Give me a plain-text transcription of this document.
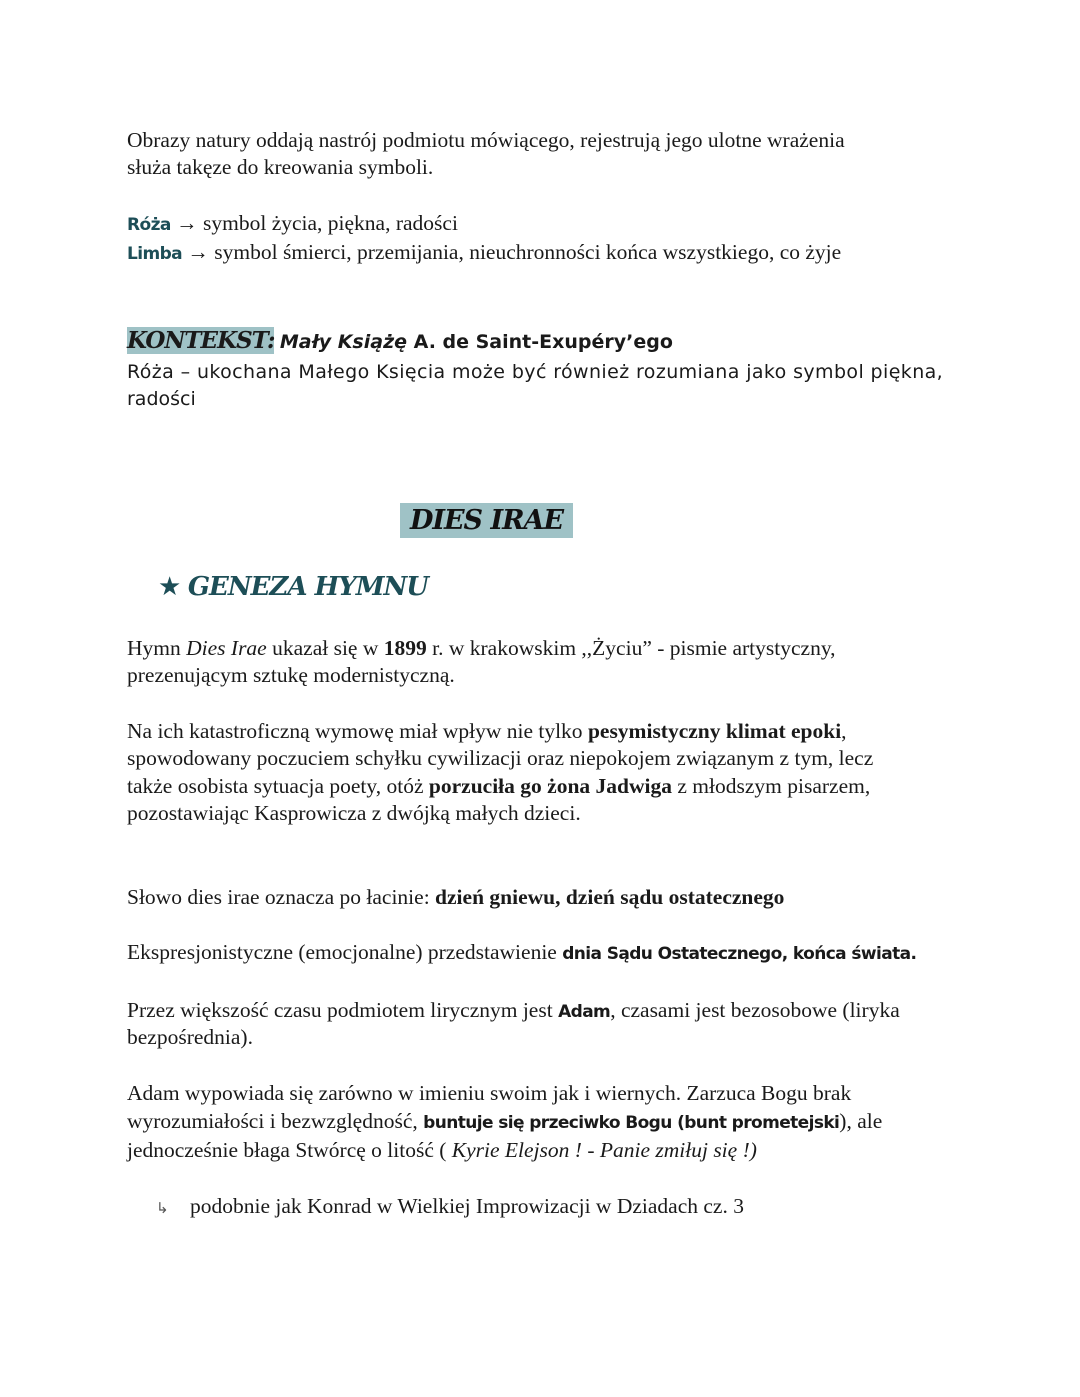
Obrazy natury oddają nastrój podmiotu mówiącego, rejestrują jego ulotne wrażenia
służa takęze do kreowania symboli.
Róża → symbol życia, piękna, radości
Limba → symbol śmierci, przemijania, nieuchronności końca wszystkiego, co żyje
KONTEKST: Mały Książę A. de Saint-Exupéry’ego
Róża – ukochana Małego Księcia może być również rozumiana jako symbol piękna,
radości
DIES IRAE
★ GENEZA HYMNU
Hymn Dies Irae ukazał się w 1899 r. w krakowskim ,,Życiu” - pismie artystyczny,
prezenującym sztukę modernistyczną.
Na ich katastroficzną wymowę miał wpływ nie tylko pesymistyczny klimat epoki,
spowodowany poczuciem schyłku cywilizacji oraz niepokojem związanym z tym, lecz
także osobista sytuacja poety, otóż porzuciła go żona Jadwiga z młodszym pisarzem,
pozostawiając Kasprowicza z dwójką małych dzieci.
Słowo dies irae oznacza po łacinie: dzień gniewu, dzień sądu ostatecznego
Ekspresjonistyczne (emocjonalne) przedstawienie dnia Sądu Ostatecznego, końca świata.
Przez większość czasu podmiotem lirycznym jest Adam, czasami jest bezosobowe (liryka
bezpośrednia).
Adam wypowiada się zarówno w imieniu swoim jak i wiernych. Zarzuca Bogu brak
wyrozumiałości i bezwzględność, buntuje się przeciwko Bogu (bunt prometejski), ale
jednocześnie błaga Stwórcę o litość ( Kyrie Elejson ! - Panie zmiłuj się !)
↳ podobnie jak Konrad w Wielkiej Improwizacji w Dziadach cz. 3
